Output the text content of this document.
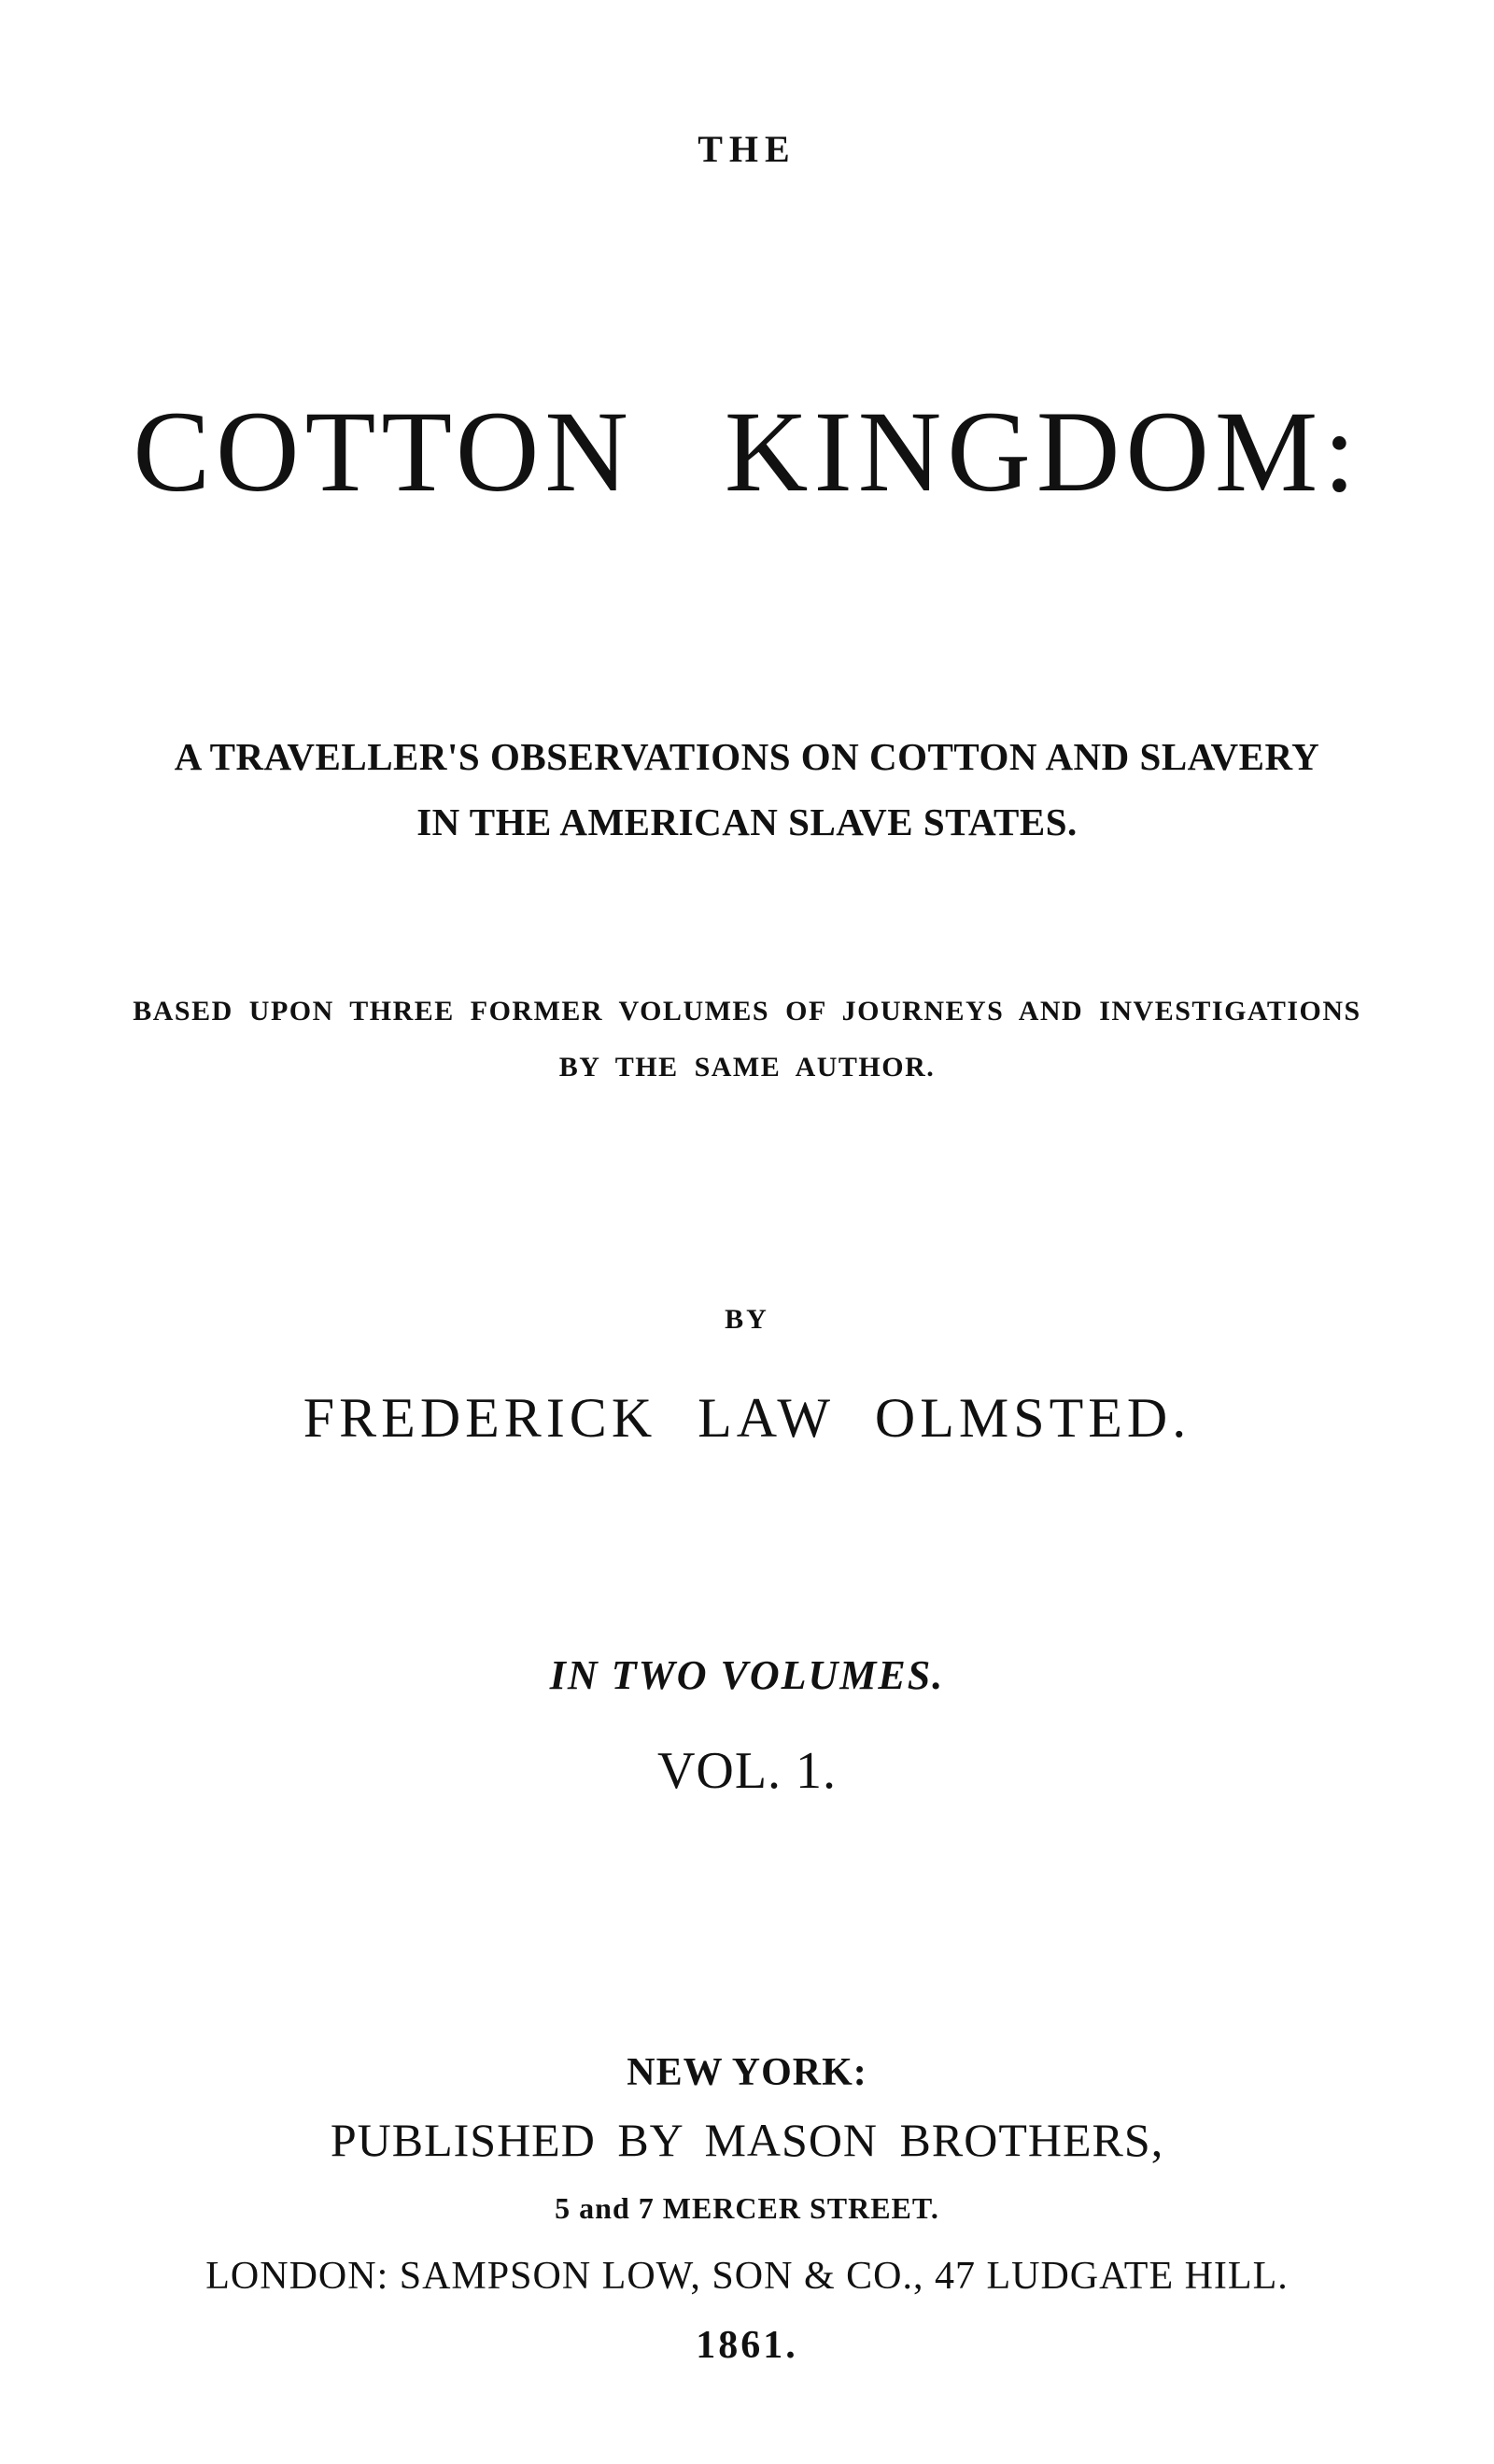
THE
COTTON KINGDOM:
A TRAVELLER'S OBSERVATIONS ON COTTON AND SLAVERY
IN THE AMERICAN SLAVE STATES.
BASED UPON THREE FORMER VOLUMES OF JOURNEYS AND INVESTIGATIONS
BY THE SAME AUTHOR.
BY
FREDERICK LAW OLMSTED.
IN TWO VOLUMES.
VOL. 1.
NEW YORK:
PUBLISHED BY MASON BROTHERS,
5 and 7 MERCER STREET.
LONDON: SAMPSON LOW, SON & CO., 47 LUDGATE HILL.
1861.
